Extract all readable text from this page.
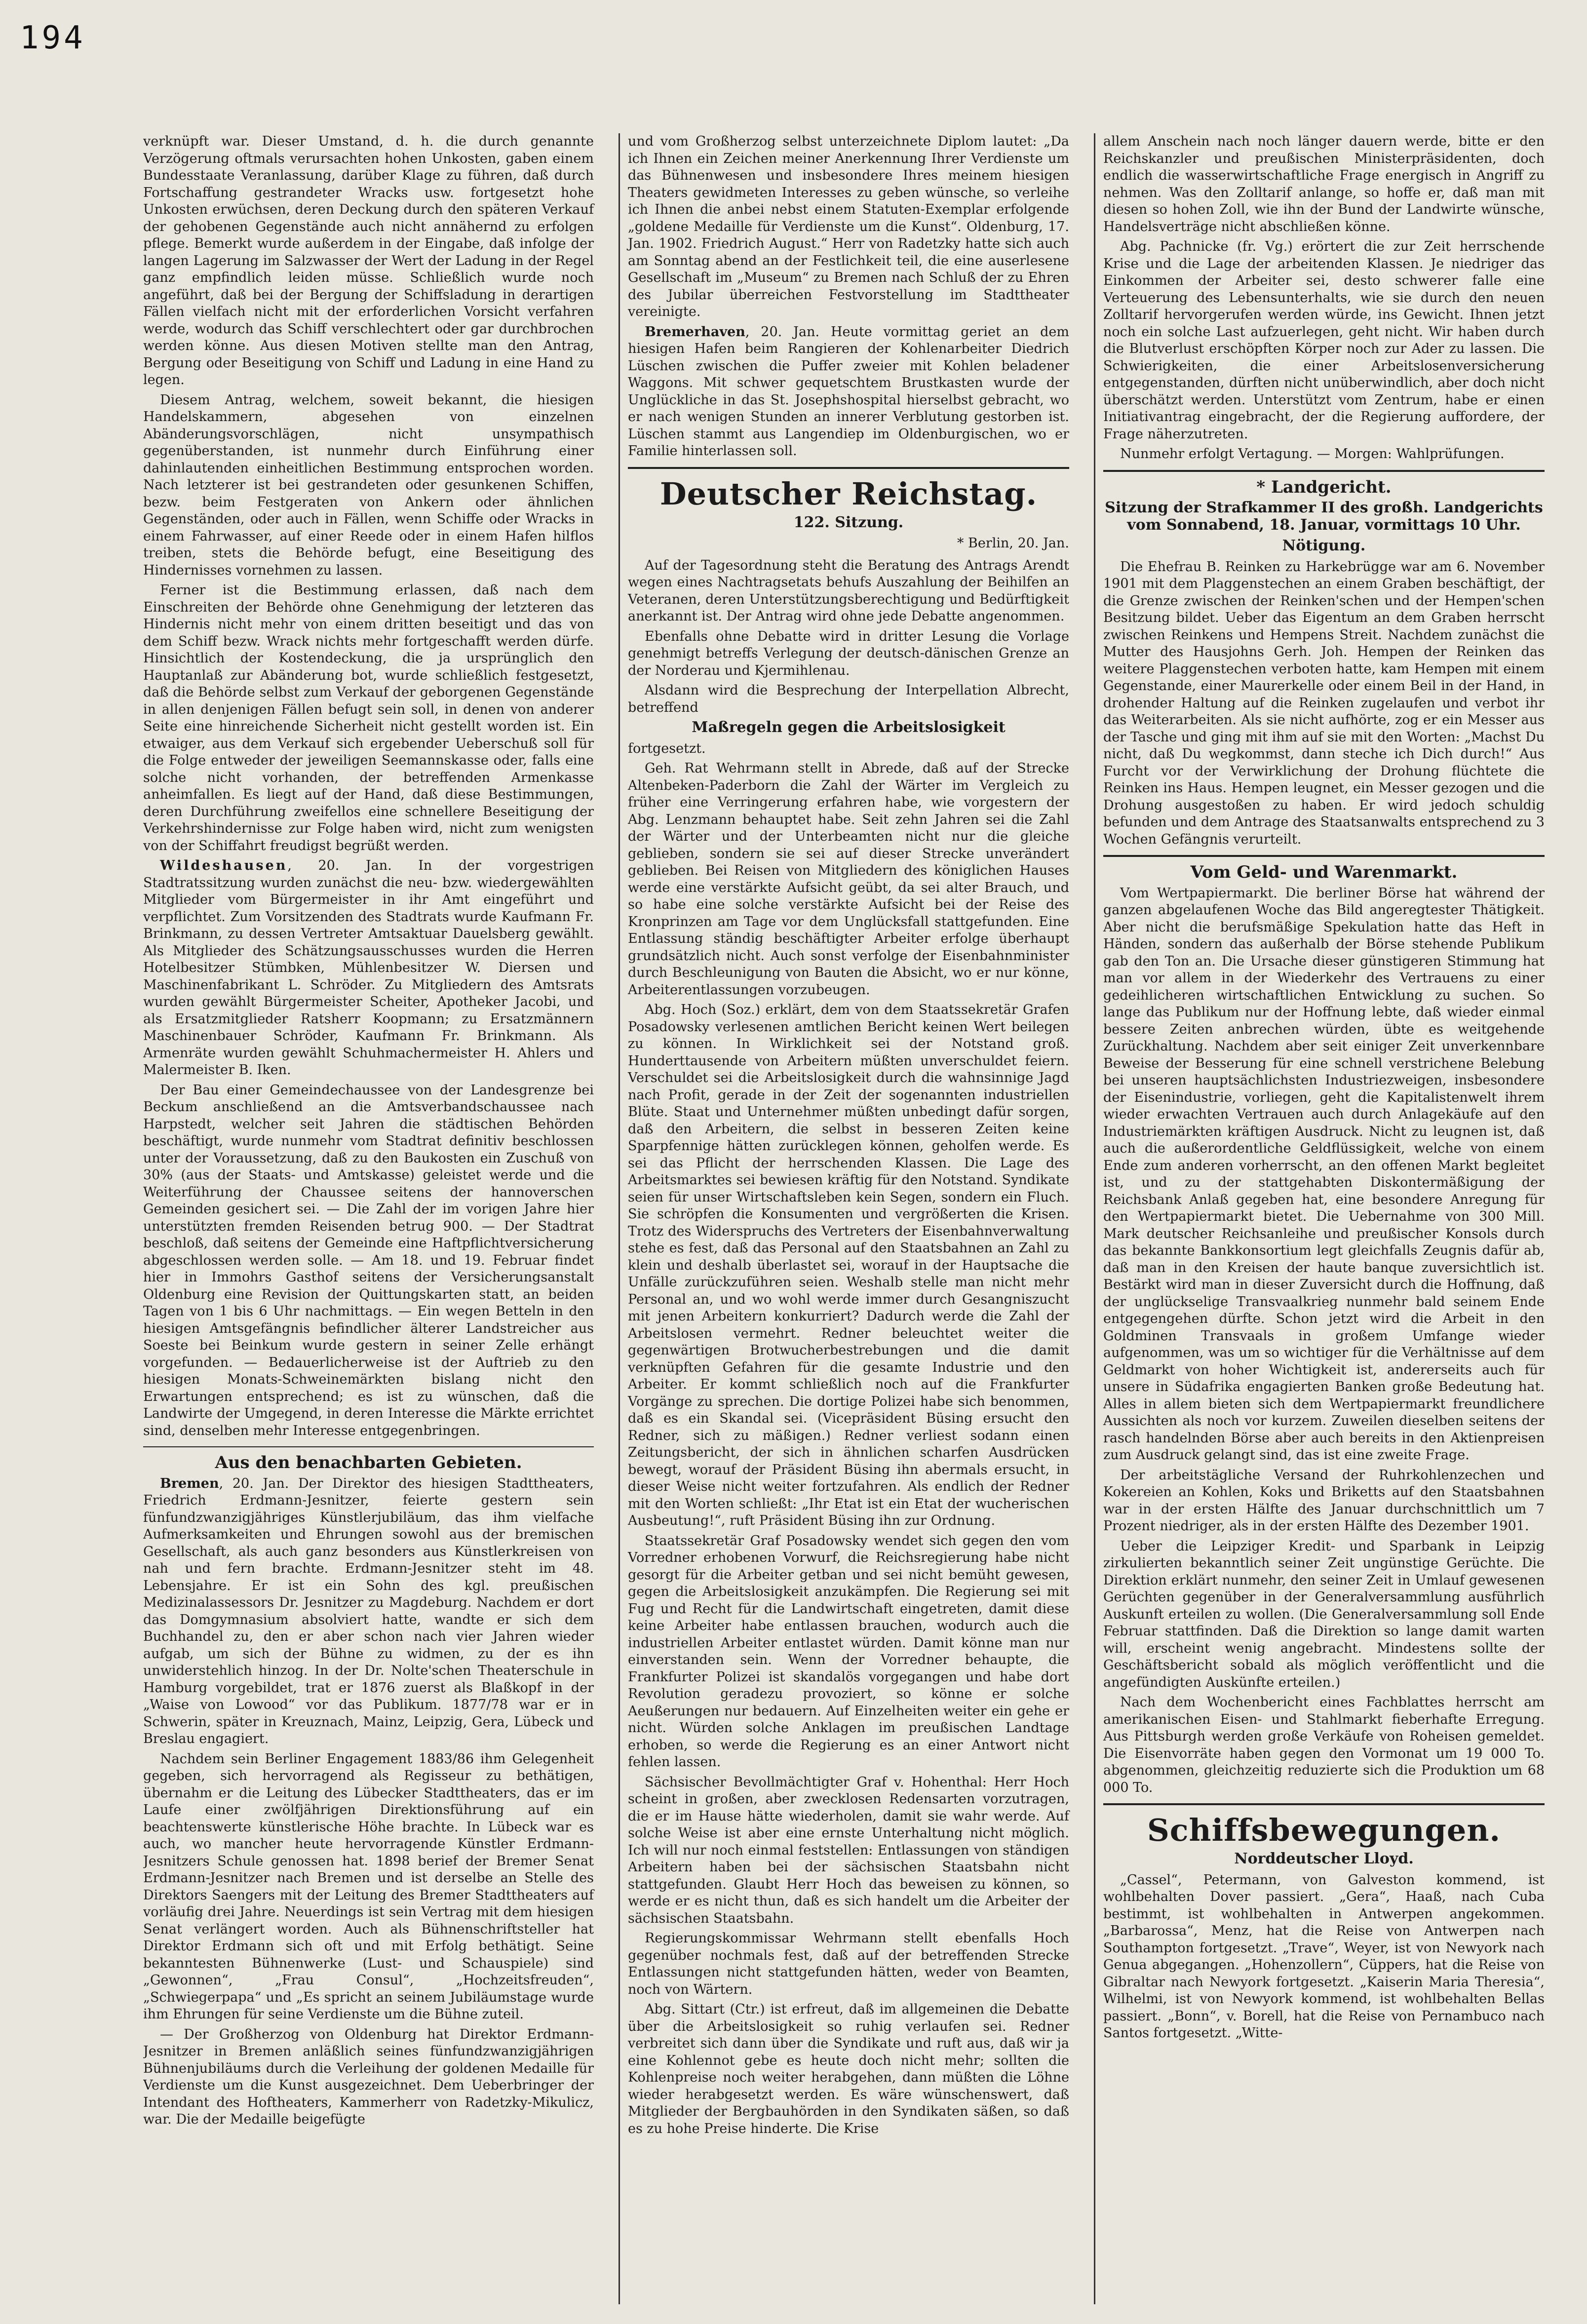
194

verknüpft war. Dieser Umstand, d. h. die durch genannte Verzögerung oftmals verursachten hohen Unkosten, gaben einem Bundesstaate Veranlassung, darüber Klage zu führen, daß durch Fortschaffung gestrandeter Wracks usw. fortgesetzt hohe Unkosten erwüchsen, deren Deckung durch den späteren Verkauf der gehobenen Gegenstände auch nicht annähernd zu erfolgen pflege. Bemerkt wurde außerdem in der Eingabe, daß infolge der langen Lagerung im Salzwasser der Wert der Ladung in der Regel ganz empfindlich leiden müsse. Schließlich wurde noch angeführt, daß bei der Bergung der Schiffsladung in derartigen Fällen vielfach nicht mit der erforderlichen Vorsicht verfahren werde, wodurch das Schiff verschlechtert oder gar durchbrochen werden könne. Aus diesen Motiven stellte man den Antrag, Bergung oder Beseitigung von Schiff und Ladung in eine Hand zu legen.

Diesem Antrag, welchem, soweit bekannt, die hiesigen Handelskammern, abgesehen von einzelnen Abänderungsvorschlägen, nicht unsympathisch gegenüberstanden, ist nunmehr durch Einführung einer dahinlautenden einheitlichen Bestimmung entsprochen worden. Nach letzterer ist bei gestrandeten oder gesunkenen Schiffen, bezw. beim Festgeraten von Ankern oder ähnlichen Gegenständen, oder auch in Fällen, wenn Schiffe oder Wracks in einem Fahrwasser, auf einer Reede oder in einem Hafen hilflos treiben, stets die Behörde befugt, eine Beseitigung des Hindernisses vornehmen zu lassen.

Ferner ist die Bestimmung erlassen, daß nach dem Einschreiten der Behörde ohne Genehmigung der letzteren das Hindernis nicht mehr von einem dritten beseitigt und das von dem Schiff bezw. Wrack nichts mehr fortgeschafft werden dürfe. Hinsichtlich der Kostendeckung, die ja ursprünglich den Hauptanlaß zur Abänderung bot, wurde schließlich festgesetzt, daß die Behörde selbst zum Verkauf der geborgenen Gegenstände in allen denjenigen Fällen befugt sein soll, in denen von anderer Seite eine hinreichende Sicherheit nicht gestellt worden ist. Ein etwaiger, aus dem Verkauf sich ergebender Ueberschuß soll für die Folge entweder der jeweiligen Seemannskasse oder, falls eine solche nicht vorhanden, der betreffenden Armenkasse anheimfallen. Es liegt auf der Hand, daß diese Bestimmungen, deren Durchführung zweifellos eine schnellere Beseitigung der Verkehrshindernisse zur Folge haben wird, nicht zum wenigsten von der Schiffahrt freudigst begrüßt werden.

Wildeshausen, 20. Jan. In der vorgestrigen Stadtratssitzung wurden zunächst die neu- bzw. wiedergewählten Mitglieder vom Bürgermeister in ihr Amt eingeführt und verpflichtet. Zum Vorsitzenden des Stadtrats wurde Kaufmann Fr. Brinkmann, zu dessen Vertreter Amtsaktuar Dauelsberg gewählt. Als Mitglieder des Schätzungsausschusses wurden die Herren Hotelbesitzer Stümbken, Mühlenbesitzer W. Diersen und Maschinenfabrikant L. Schröder. Zu Mitgliedern des Amtsrats wurden gewählt Bürgermeister Scheiter, Apotheker Jacobi, und als Ersatzmitglieder Ratsherr Koopmann; zu Ersatzmännern Maschinenbauer Schröder, Kaufmann Fr. Brinkmann. Als Armenräte wurden gewählt Schuhmachermeister H. Ahlers und Malermeister B. Iken.

Der Bau einer Gemeindechaussee von der Landesgrenze bei Beckum anschließend an die Amtsverbandschaussee nach Harpstedt, welcher seit Jahren die städtischen Behörden beschäftigt, wurde nunmehr vom Stadtrat definitiv beschlossen unter der Voraussetzung, daß zu den Baukosten ein Zuschuß von 30% (aus der Staats- und Amtskasse) geleistet werde und die Weiterführung der Chaussee seitens der hannoverschen Gemeinden gesichert sei. — Die Zahl der im vorigen Jahre hier unterstützten fremden Reisenden betrug 900. — Der Stadtrat beschloß, daß seitens der Gemeinde eine Haftpflichtversicherung abgeschlossen werden solle. — Am 18. und 19. Februar findet hier in Immohrs Gasthof seitens der Versicherungsanstalt Oldenburg eine Revision der Quittungskarten statt, an beiden Tagen von 1 bis 6 Uhr nachmittags. — Ein wegen Betteln in den hiesigen Amtsgefängnis befindlicher älterer Landstreicher aus Soeste bei Beinkum wurde gestern in seiner Zelle erhängt vorgefunden. — Bedauerlicherweise ist der Auftrieb zu den hiesigen Monats-Schweinemärkten bislang nicht den Erwartungen entsprechend; es ist zu wünschen, daß die Landwirte der Umgegend, in deren Interesse die Märkte errichtet sind, denselben mehr Interesse entgegenbringen.

Aus den benachbarten Gebieten.

Bremen, 20. Jan. Der Direktor des hiesigen Stadttheaters, Friedrich Erdmann-Jesnitzer, feierte gestern sein fünfundzwanzigjähriges Künstlerjubiläum, das ihm vielfache Aufmerksamkeiten und Ehrungen sowohl aus der bremischen Gesellschaft, als auch ganz besonders aus Künstlerkreisen von nah und fern brachte. Erdmann-Jesnitzer steht im 48. Lebensjahre. Er ist ein Sohn des kgl. preußischen Medizinalassessors Dr. Jesnitzer zu Magdeburg. Nachdem er dort das Domgymnasium absolviert hatte, wandte er sich dem Buchhandel zu, den er aber schon nach vier Jahren wieder aufgab, um sich der Bühne zu widmen, zu der es ihn unwiderstehlich hinzog. In der Dr. Nolte'schen Theaterschule in Hamburg vorgebildet, trat er 1876 zuerst als Blaßkopf in der „Waise von Lowood“ vor das Publikum. 1877/78 war er in Schwerin, später in Kreuznach, Mainz, Leipzig, Gera, Lübeck und Breslau engagiert.

Nachdem sein Berliner Engagement 1883/86 ihm Gelegenheit gegeben, sich hervorragend als Regisseur zu bethätigen, übernahm er die Leitung des Lübecker Stadttheaters, das er im Laufe einer zwölfjährigen Direktionsführung auf ein beachtenswerte künstlerische Höhe brachte. In Lübeck war es auch, wo mancher heute hervorragende Künstler Erdmann-Jesnitzers Schule genossen hat. 1898 berief der Bremer Senat Erdmann-Jesnitzer nach Bremen und ist derselbe an Stelle des Direktors Saengers mit der Leitung des Bremer Stadttheaters auf vorläufig drei Jahre. Neuerdings ist sein Vertrag mit dem hiesigen Senat verlängert worden. Auch als Bühnenschriftsteller hat Direktor Erdmann sich oft und mit Erfolg bethätigt. Seine bekanntesten Bühnenwerke (Lust- und Schauspiele) sind „Gewonnen“, „Frau Consul“, „Hochzeitsfreuden“, „Schwiegerpapa“ und „Es spricht an seinem Jubiläumstage wurde ihm Ehrungen für seine Verdienste um die Bühne zuteil.

— Der Großherzog von Oldenburg hat Direktor Erdmann-Jesnitzer in Bremen anläßlich seines fünfundzwanzigjährigen Bühnenjubiläums durch die Verleihung der goldenen Medaille für Verdienste um die Kunst ausgezeichnet. Dem Ueberbringer der Intendant des Hoftheaters, Kammerherr von Radetzky-Mikulicz, war. Die der Medaille beigefügte

und vom Großherzog selbst unterzeichnete Diplom lautet: „Da ich Ihnen ein Zeichen meiner Anerkennung Ihrer Verdienste um das Bühnenwesen und insbesondere Ihres meinem hiesigen Theaters gewidmeten Interesses zu geben wünsche, so verleihe ich Ihnen die anbei nebst einem Statuten-Exemplar erfolgende „goldene Medaille für Verdienste um die Kunst“. Oldenburg, 17. Jan. 1902. Friedrich August.“ Herr von Radetzky hatte sich auch am Sonntag abend an der Festlichkeit teil, die eine auserlesene Gesellschaft im „Museum“ zu Bremen nach Schluß der zu Ehren des Jubilar überreichen Festvorstellung im Stadttheater vereinigte.

Bremerhaven, 20. Jan. Heute vormittag geriet an dem hiesigen Hafen beim Rangieren der Kohlenarbeiter Diedrich Lüschen zwischen die Puffer zweier mit Kohlen beladener Waggons. Mit schwer gequetschtem Brustkasten wurde der Unglückliche in das St. Josephshospital hierselbst gebracht, wo er nach wenigen Stunden an innerer Verblutung gestorben ist. Lüschen stammt aus Langendiep im Oldenburgischen, wo er Familie hinterlassen soll.

Deutscher Reichstag.
122. Sitzung.
* Berlin, 20. Jan.

Auf der Tagesordnung steht die Beratung des Antrags Arendt wegen eines Nachtragsetats behufs Auszahlung der Beihilfen an Veteranen, deren Unterstützungsberechtigung und Bedürftigkeit anerkannt ist. Der Antrag wird ohne jede Debatte angenommen.

Ebenfalls ohne Debatte wird in dritter Lesung die Vorlage genehmigt betreffs Verlegung der deutsch-dänischen Grenze an der Norderau und Kjermihlenau.

Alsdann wird die Besprechung der Interpellation Albrecht, betreffend

Maßregeln gegen die Arbeitslosigkeit

fortgesetzt.

Geh. Rat Wehrmann stellt in Abrede, daß auf der Strecke Altenbeken-Paderborn die Zahl der Wärter im Vergleich zu früher eine Verringerung erfahren habe, wie vorgestern der Abg. Lenzmann behauptet habe. Seit zehn Jahren sei die Zahl der Wärter und der Unterbeamten nicht nur die gleiche geblieben, sondern sie sei auf dieser Strecke unverändert geblieben. Bei Reisen von Mitgliedern des königlichen Hauses werde eine verstärkte Aufsicht geübt, da sei alter Brauch, und so habe eine solche verstärkte Aufsicht bei der Reise des Kronprinzen am Tage vor dem Unglücksfall stattgefunden. Eine Entlassung ständig beschäftigter Arbeiter erfolge überhaupt grundsätzlich nicht. Auch sonst verfolge der Eisenbahnminister durch Beschleunigung von Bauten die Absicht, wo er nur könne, Arbeiterentlassungen vorzubeugen.

Abg. Hoch (Soz.) erklärt, dem von dem Staatssekretär Grafen Posadowsky verlesenen amtlichen Bericht keinen Wert beilegen zu können. In Wirklichkeit sei der Notstand groß. Hunderttausende von Arbeitern müßten unverschuldet feiern. Verschuldet sei die Arbeitslosigkeit durch die wahnsinnige Jagd nach Profit, gerade in der Zeit der sogenannten industriellen Blüte. Staat und Unternehmer müßten unbedingt dafür sorgen, daß den Arbeitern, die selbst in besseren Zeiten keine Sparpfennige hätten zurücklegen können, geholfen werde. Es sei das Pflicht der herrschenden Klassen. Die Lage des Arbeitsmarktes sei bewiesen kräftig für den Notstand. Syndikate seien für unser Wirtschaftsleben kein Segen, sondern ein Fluch. Sie schröpfen die Konsumenten und vergrößerten die Krisen. Trotz des Widerspruchs des Vertreters der Eisenbahnverwaltung stehe es fest, daß das Personal auf den Staatsbahnen an Zahl zu klein und deshalb überlastet sei, worauf in der Hauptsache die Unfälle zurückzuführen seien. Weshalb stelle man nicht mehr Personal an, und wo wohl werde immer durch Gesangniszucht mit jenen Arbeitern konkurriert? Dadurch werde die Zahl der Arbeitslosen vermehrt. Redner beleuchtet weiter die gegenwärtigen Brotwucherbestrebungen und die damit verknüpften Gefahren für die gesamte Industrie und den Arbeiter. Er kommt schließlich noch auf die Frankfurter Vorgänge zu sprechen. Die dortige Polizei habe sich benommen, daß es ein Skandal sei. (Vicepräsident Büsing ersucht den Redner, sich zu mäßigen.) Redner verliest sodann einen Zeitungsbericht, der sich in ähnlichen scharfen Ausdrücken bewegt, worauf der Präsident Büsing ihn abermals ersucht, in dieser Weise nicht weiter fortzufahren. Als endlich der Redner mit den Worten schließt: „Ihr Etat ist ein Etat der wucherischen Ausbeutung!“, ruft Präsident Büsing ihn zur Ordnung.

Staatssekretär Graf Posadowsky wendet sich gegen den vom Vorredner erhobenen Vorwurf, die Reichsregierung habe nicht gesorgt für die Arbeiter getban und sei nicht bemüht gewesen, gegen die Arbeitslosigkeit anzukämpfen. Die Regierung sei mit Fug und Recht für die Landwirtschaft eingetreten, damit diese keine Arbeiter habe entlassen brauchen, wodurch auch die industriellen Arbeiter entlastet würden. Damit könne man nur einverstanden sein. Wenn der Vorredner behaupte, die Frankfurter Polizei ist skandalös vorgegangen und habe dort Revolution geradezu provoziert, so könne er solche Aeußerungen nur bedauern. Auf Einzelheiten weiter ein gehe er nicht. Würden solche Anklagen im preußischen Landtage erhoben, so werde die Regierung es an einer Antwort nicht fehlen lassen.

Sächsischer Bevollmächtigter Graf v. Hohenthal: Herr Hoch scheint in großen, aber zwecklosen Redensarten vorzutragen, die er im Hause hätte wiederholen, damit sie wahr werde. Auf solche Weise ist aber eine ernste Unterhaltung nicht möglich. Ich will nur noch einmal feststellen: Entlassungen von ständigen Arbeitern haben bei der sächsischen Staatsbahn nicht stattgefunden. Glaubt Herr Hoch das beweisen zu können, so werde er es nicht thun, daß es sich handelt um die Arbeiter der sächsischen Staatsbahn.

Regierungskommissar Wehrmann stellt ebenfalls Hoch gegenüber nochmals fest, daß auf der betreffenden Strecke Entlassungen nicht stattgefunden hätten, weder von Beamten, noch von Wärtern.

Abg. Sittart (Ctr.) ist erfreut, daß im allgemeinen die Debatte über die Arbeitslosigkeit so ruhig verlaufen sei. Redner verbreitet sich dann über die Syndikate und ruft aus, daß wir ja eine Kohlennot gebe es heute doch nicht mehr; sollten die Kohlenpreise noch weiter herabgehen, dann müßten die Löhne wieder herabgesetzt werden. Es wäre wünschenswert, daß Mitglieder der Bergbauhörden in den Syndikaten säßen, so daß es zu hohe Preise hinderte. Die Krise

allem Anschein nach noch länger dauern werde, bitte er den Reichskanzler und preußischen Ministerpräsidenten, doch endlich die wasserwirtschaftliche Frage energisch in Angriff zu nehmen. Was den Zolltarif anlange, so hoffe er, daß man mit diesen so hohen Zoll, wie ihn der Bund der Landwirte wünsche, Handelsverträge nicht abschließen könne.

Abg. Pachnicke (fr. Vg.) erörtert die zur Zeit herrschende Krise und die Lage der arbeitenden Klassen. Je niedriger das Einkommen der Arbeiter sei, desto schwerer falle eine Verteuerung des Lebensunterhalts, wie sie durch den neuen Zolltarif hervorgerufen werden würde, ins Gewicht. Ihnen jetzt noch ein solche Last aufzuerlegen, geht nicht. Wir haben durch die Blutverlust erschöpften Körper noch zur Ader zu lassen. Die Schwierigkeiten, die einer Arbeitslosenversicherung entgegenstanden, dürften nicht unüberwindlich, aber doch nicht überschätzt werden. Unterstützt vom Zentrum, habe er einen Initiativantrag eingebracht, der die Regierung auffordere, der Frage näherzutreten.

Nunmehr erfolgt Vertagung. — Morgen: Wahlprüfungen.

* Landgericht.
Sitzung der Strafkammer II des großh. Landgerichts vom Sonnabend, 18. Januar, vormittags 10 Uhr.
Nötigung.

Die Ehefrau B. Reinken zu Harkebrügge war am 6. November 1901 mit dem Plaggenstechen an einem Graben beschäftigt, der die Grenze zwischen der Reinken'schen und der Hempen'schen Besitzung bildet. Ueber das Eigentum an dem Graben herrscht zwischen Reinkens und Hempens Streit. Nachdem zunächst die Mutter des Hausjohns Gerh. Joh. Hempen der Reinken das weitere Plaggenstechen verboten hatte, kam Hempen mit einem Gegenstande, einer Maurerkelle oder einem Beil in der Hand, in drohender Haltung auf die Reinken zugelaufen und verbot ihr das Weiterarbeiten. Als sie nicht aufhörte, zog er ein Messer aus der Tasche und ging mit ihm auf sie mit den Worten: „Machst Du nicht, daß Du wegkommst, dann steche ich Dich durch!“ Aus Furcht vor der Verwirklichung der Drohung flüchtete die Reinken ins Haus. Hempen leugnet, ein Messer gezogen und die Drohung ausgestoßen zu haben. Er wird jedoch schuldig befunden und dem Antrage des Staatsanwalts entsprechend zu 3 Wochen Gefängnis verurteilt.

Vom Geld- und Warenmarkt.

Vom Wertpapiermarkt. Die berliner Börse hat während der ganzen abgelaufenen Woche das Bild angeregtester Thätigkeit. Aber nicht die berufsmäßige Spekulation hatte das Heft in Händen, sondern das außerhalb der Börse stehende Publikum gab den Ton an. Die Ursache dieser günstigeren Stimmung hat man vor allem in der Wiederkehr des Vertrauens zu einer gedeihlicheren wirtschaftlichen Entwicklung zu suchen. So lange das Publikum nur der Hoffnung lebte, daß wieder einmal bessere Zeiten anbrechen würden, übte es weitgehende Zurückhaltung. Nachdem aber seit einiger Zeit unverkennbare Beweise der Besserung für eine schnell verstrichene Belebung bei unseren hauptsächlichsten Industriezweigen, insbesondere der Eisenindustrie, vorliegen, geht die Kapitalistenwelt ihrem wieder erwachten Vertrauen auch durch Anlagekäufe auf den Industriemärkten kräftigen Ausdruck. Nicht zu leugnen ist, daß auch die außerordentliche Geldflüssigkeit, welche von einem Ende zum anderen vorherrscht, an den offenen Markt begleitet ist, und zu der stattgehabten Diskontermäßigung der Reichsbank Anlaß gegeben hat, eine besondere Anregung für den Wertpapiermarkt bietet. Die Uebernahme von 300 Mill. Mark deutscher Reichsanleihe und preußischer Konsols durch das bekannte Bankkonsortium legt gleichfalls Zeugnis dafür ab, daß man in den Kreisen der haute banque zuversichtlich ist. Bestärkt wird man in dieser Zuversicht durch die Hoffnung, daß der unglückselige Transvaalkrieg nunmehr bald seinem Ende entgegengehen dürfte. Schon jetzt wird die Arbeit in den Goldminen Transvaals in großem Umfange wieder aufgenommen, was um so wichtiger für die Verhältnisse auf dem Geldmarkt von hoher Wichtigkeit ist, andererseits auch für unsere in Südafrika engagierten Banken große Bedeutung hat. Alles in allem bieten sich dem Wertpapiermarkt freundlichere Aussichten als noch vor kurzem. Zuweilen dieselben seitens der rasch handelnden Börse aber auch bereits in den Aktienpreisen zum Ausdruck gelangt sind, das ist eine zweite Frage.

Der arbeitstägliche Versand der Ruhrkohlenzechen und Kokereien an Kohlen, Koks und Briketts auf den Staatsbahnen war in der ersten Hälfte des Januar durchschnittlich um 7 Prozent niedriger, als in der ersten Hälfte des Dezember 1901.

Ueber die Leipziger Kredit- und Sparbank in Leipzig zirkulierten bekanntlich seiner Zeit ungünstige Gerüchte. Die Direktion erklärt nunmehr, den seiner Zeit in Umlauf gewesenen Gerüchten gegenüber in der Generalversammlung ausführlich Auskunft erteilen zu wollen. (Die Generalversammlung soll Ende Februar stattfinden. Daß die Direktion so lange damit warten will, erscheint wenig angebracht. Mindestens sollte der Geschäftsbericht sobald als möglich veröffentlicht und die angefündigten Auskünfte erteilen.)

Nach dem Wochenbericht eines Fachblattes herrscht am amerikanischen Eisen- und Stahlmarkt fieberhafte Erregung. Aus Pittsburgh werden große Verkäufe von Roheisen gemeldet. Die Eisenvorräte haben gegen den Vormonat um 19 000 To. abgenommen, gleichzeitig reduzierte sich die Produktion um 68 000 To.

Schiffsbewegungen.
Norddeutscher Lloyd.

„Cassel“, Petermann, von Galveston kommend, ist wohlbehalten Dover passiert. „Gera“, Haaß, nach Cuba bestimmt, ist wohlbehalten in Antwerpen angekommen. „Barbarossa“, Menz, hat die Reise von Antwerpen nach Southampton fortgesetzt. „Trave“, Weyer, ist von Newyork nach Genua abgegangen. „Hohenzollern“, Cüppers, hat die Reise von Gibraltar nach Newyork fortgesetzt. „Kaiserin Maria Theresia“, Wilhelmi, ist von Newyork kommend, ist wohlbehalten Bellas passiert. „Bonn“, v. Borell, hat die Reise von Pernambuco nach Santos fortgesetzt. „Witte-
